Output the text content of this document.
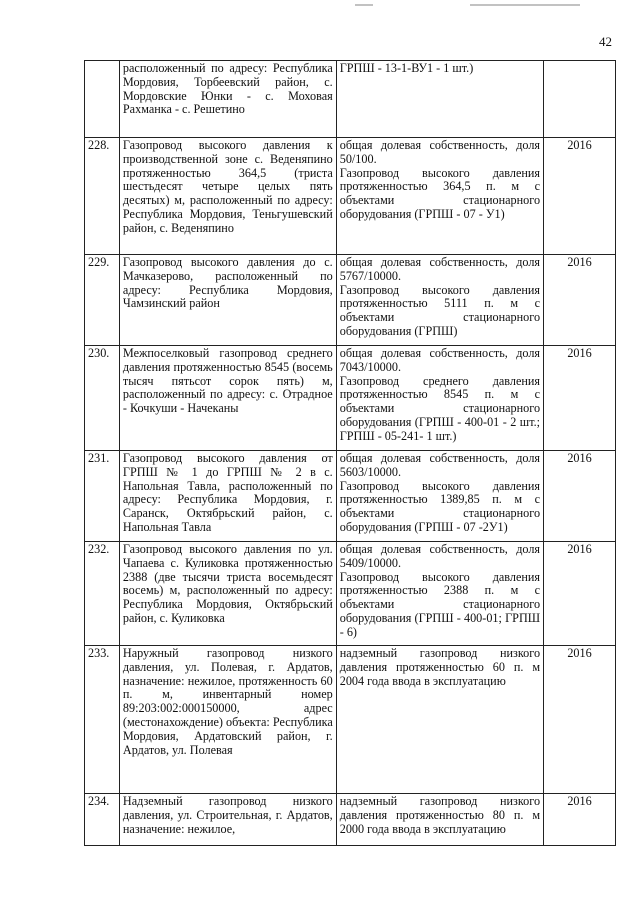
42
	расположенный по адресу: Республика Мордовия, Торбеевский район, с. Мордовские Юнки - с. Моховая Рахманка - с. Решетино	ГРПШ - 13-1-ВУ1 - 1 шт.)	

228.	Газопровод высокого давления к производственной зоне с. Веденяпино протяженностью 364,5 (триста шестьдесят четыре целых пять десятых) м, расположенный по адресу: Республика Мордовия, Теньгушевский район, с. Веденяпино	общая долевая собственность, доля 50/100.
Газопровод высокого давления протяженностью 364,5 п. м с объектами стационарного оборудования (ГРПШ - 07 - У1)	2016
229.	Газопровод высокого давления до с. Мачказерово, расположенный по адресу: Республика Мордовия, Чамзинский район	общая долевая собственность, доля 5767/10000.
Газопровод высокого давления протяженностью 5111 п. м с объектами стационарного оборудования (ГРПШ)	2016
230.	Межпоселковый газопровод среднего давления протяженностью 8545 (восемь тысяч пятьсот сорок пять) м, расположенный по адресу: с. Отрадное - Кочкуши - Начеканы	общая долевая собственность, доля 7043/10000.
Газопровод среднего давления протяженностью 8545 п. м с объектами стационарного оборудования (ГРПШ - 400-01 - 2 шт.; ГРПШ - 05-241- 1 шт.)	2016
231.	Газопровод высокого давления от ГРПШ № 1 до ГРПШ № 2 в с. Напольная Тавла, расположенный по адресу: Республика Мордовия, г. Саранск, Октябрьский район, с. Напольная Тавла	общая долевая собственность, доля 5603/10000.
Газопровод высокого давления протяженностью 1389,85 п. м с объектами стационарного оборудования (ГРПШ - 07 -2У1)	2016
232.	Газопровод высокого давления по ул. Чапаева с. Куликовка протяженностью 2388 (две тысячи триста восемьдесят восемь) м, расположенный по адресу: Республика Мордовия, Октябрьский район, с. Куликовка	общая долевая собственность, доля 5409/10000.
Газопровод высокого давления протяженностью 2388 п. м с объектами стационарного оборудования (ГРПШ - 400-01; ГРПШ - 6)	2016
233.	Наружный газопровод низкого давления, ул. Полевая, г. Ардатов, назначение: нежилое, протяженность 60 п. м, инвентарный номер 89:203:002:000150000, адрес (местонахождение) объекта: Республика Мордовия, Ардатовский район, г. Ардатов, ул. Полевая	надземный газопровод низкого давления протяженностью 60 п. м 2004 года ввода в эксплуатацию	2016
234.	Надземный газопровод низкого давления, ул. Строительная, г. Ардатов, назначение: нежилое,	надземный газопровод низкого давления протяженностью 80 п. м 2000 года ввода в эксплуатацию	2016
